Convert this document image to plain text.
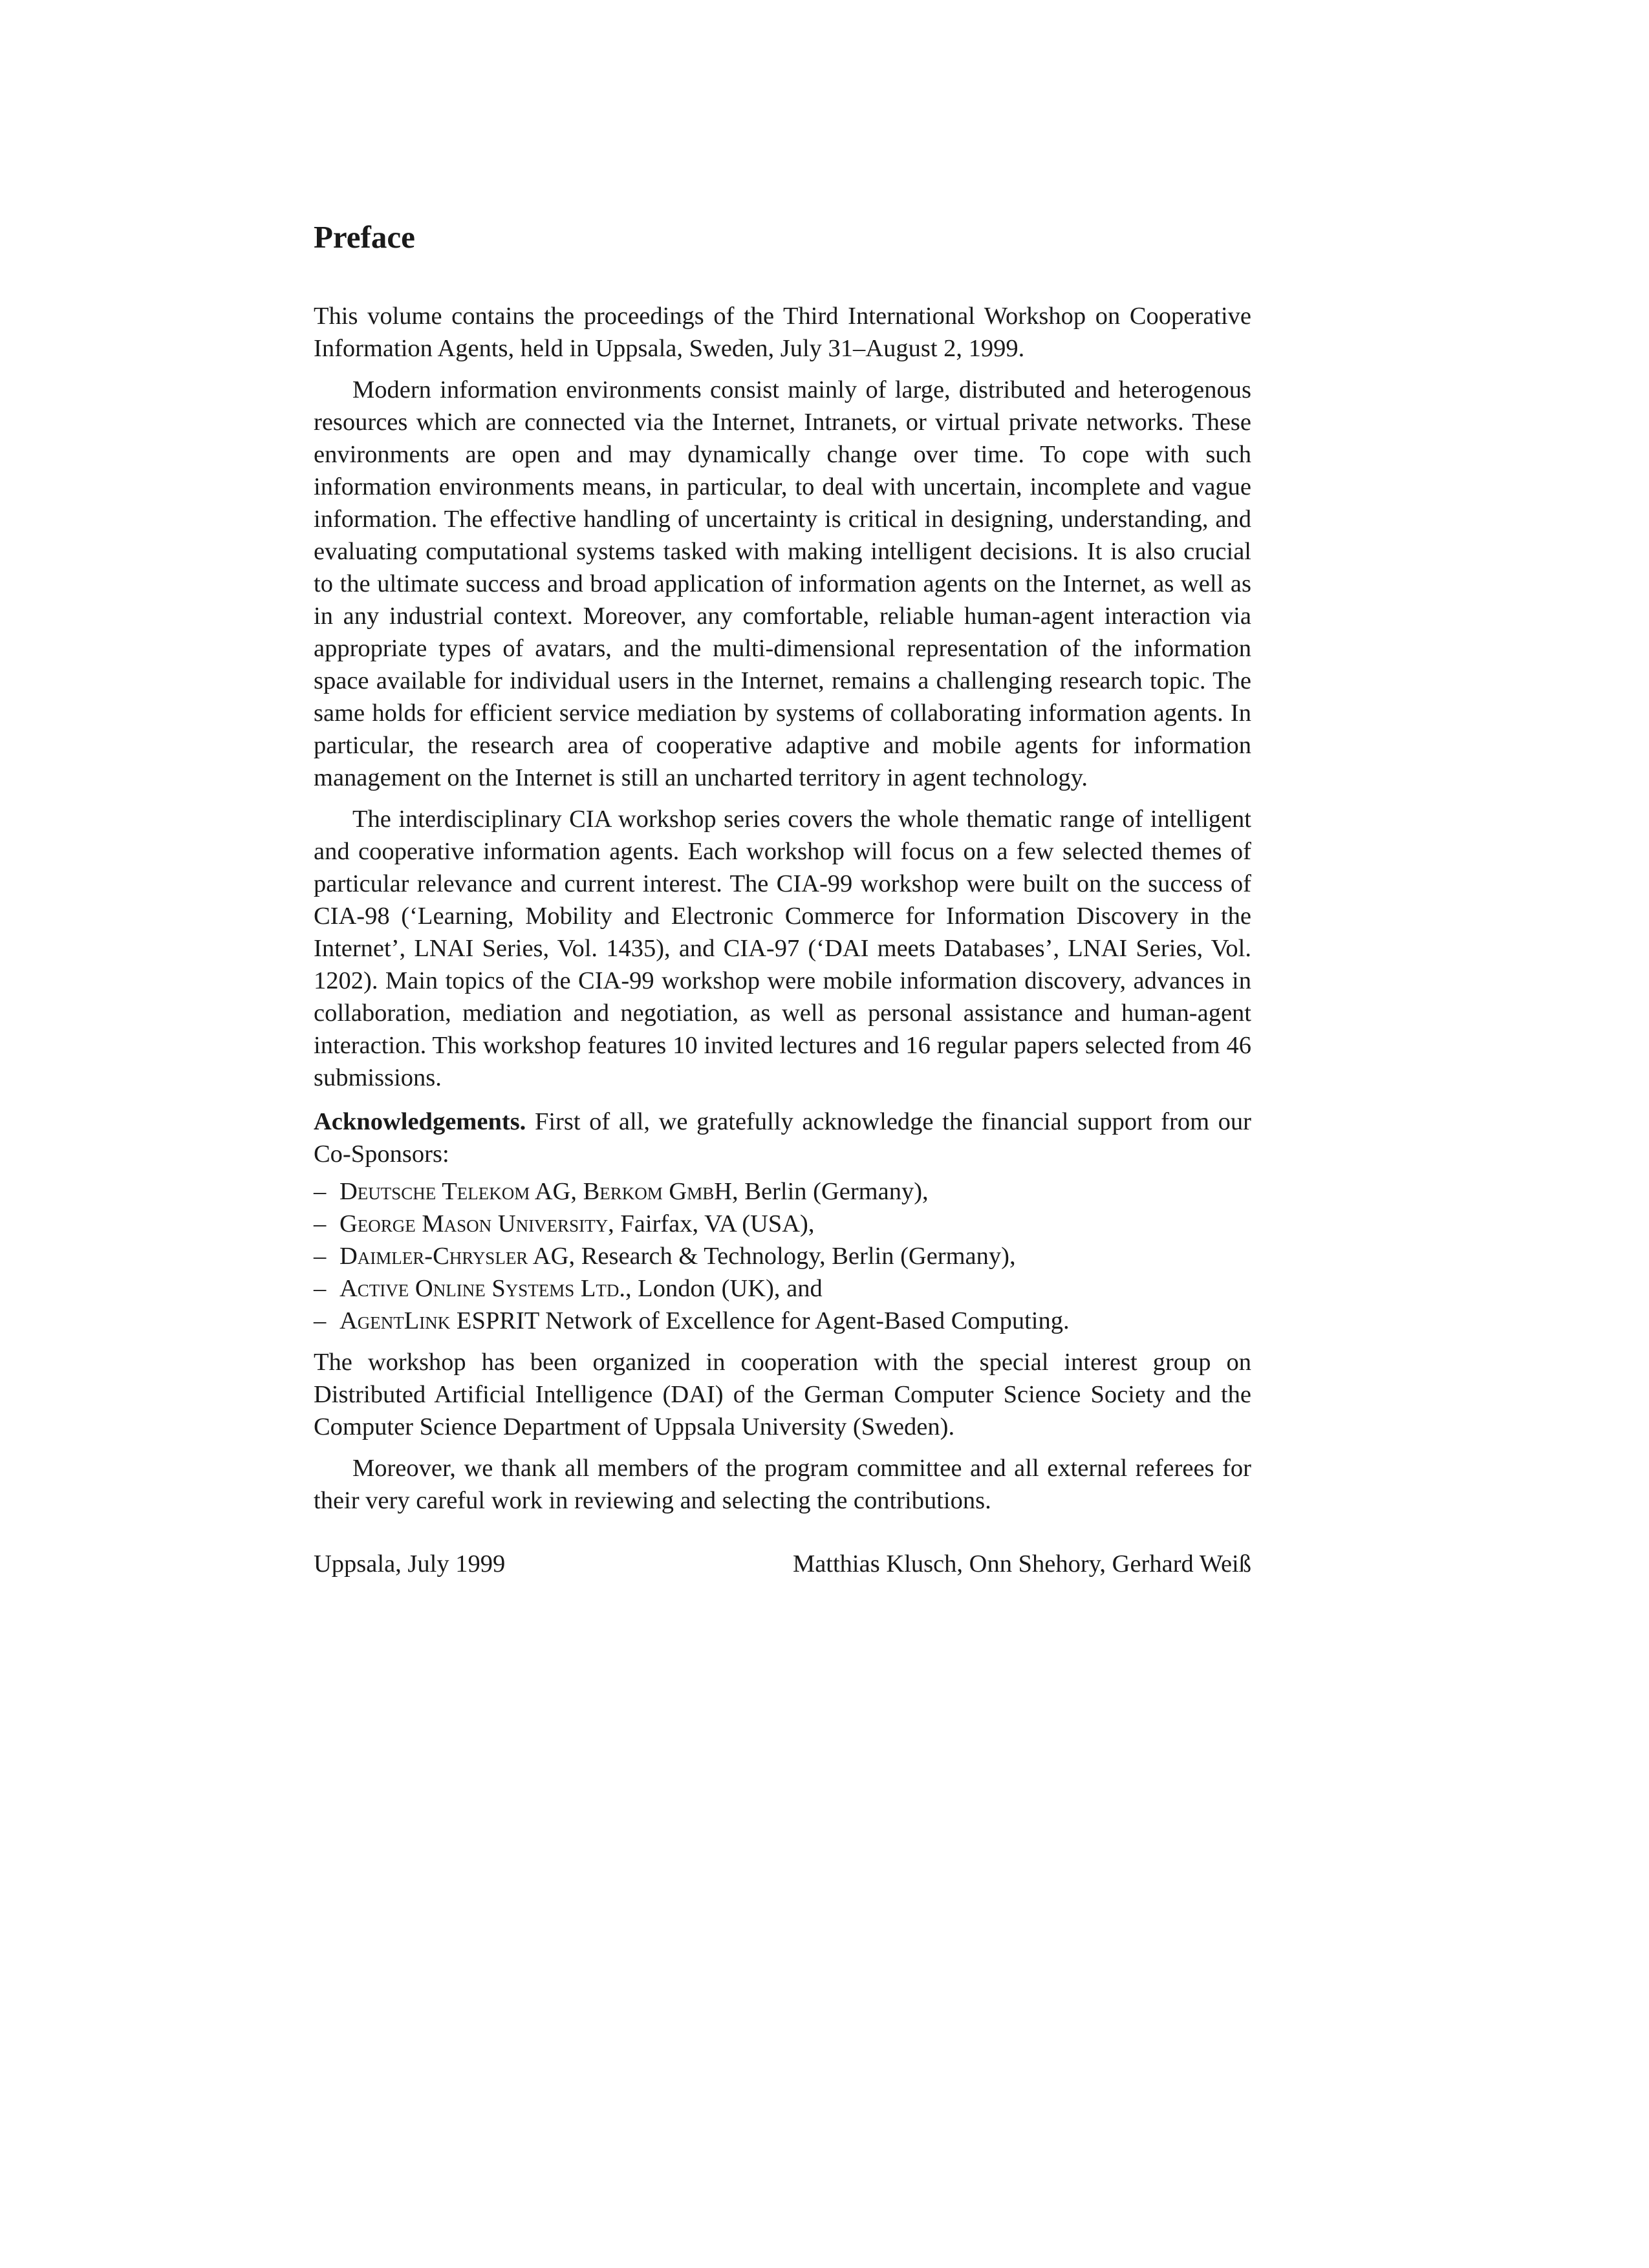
Preface

This volume contains the proceedings of the Third International Workshop on Cooperative Information Agents, held in Uppsala, Sweden, July 31–August 2, 1999.

Modern information environments consist mainly of large, distributed and heterogenous resources which are connected via the Internet, Intranets, or virtual private networks. These environments are open and may dynamically change over time. To cope with such information environments means, in particular, to deal with uncertain, incomplete and vague information. The effective handling of uncertainty is critical in designing, understanding, and evaluating computational systems tasked with making intelligent decisions. It is also crucial to the ultimate success and broad application of information agents on the Internet, as well as in any industrial context. Moreover, any comfortable, reliable human-agent interaction via appropriate types of avatars, and the multi-dimensional representation of the information space available for individual users in the Internet, remains a challenging research topic. The same holds for efficient service mediation by systems of collaborating information agents. In particular, the research area of cooperative adaptive and mobile agents for information management on the Internet is still an uncharted territory in agent technology.

The interdisciplinary CIA workshop series covers the whole thematic range of intelligent and cooperative information agents. Each workshop will focus on a few selected themes of particular relevance and current interest. The CIA-99 workshop were built on the success of CIA-98 (‘Learning, Mobility and Electronic Commerce for Information Discovery in the Internet’, LNAI Series, Vol. 1435), and CIA-97 (‘DAI meets Databases’, LNAI Series, Vol. 1202). Main topics of the CIA-99 workshop were mobile information discovery, advances in collaboration, mediation and negotiation, as well as personal assistance and human-agent interaction. This workshop features 10 invited lectures and 16 regular papers selected from 46 submissions.

Acknowledgements. First of all, we gratefully acknowledge the financial support from our Co-Sponsors:

– Deutsche Telekom AG, Berkom GmbH, Berlin (Germany),
– George Mason University, Fairfax, VA (USA),
– Daimler-Chrysler AG, Research & Technology, Berlin (Germany),
– Active Online Systems Ltd., London (UK), and
– AgentLink ESPRIT Network of Excellence for Agent-Based Computing.

The workshop has been organized in cooperation with the special interest group on Distributed Artificial Intelligence (DAI) of the German Computer Science Society and the Computer Science Department of Uppsala University (Sweden).

Moreover, we thank all members of the program committee and all external referees for their very careful work in reviewing and selecting the contributions.

Uppsala, July 1999	Matthias Klusch, Onn Shehory, Gerhard Weiß
